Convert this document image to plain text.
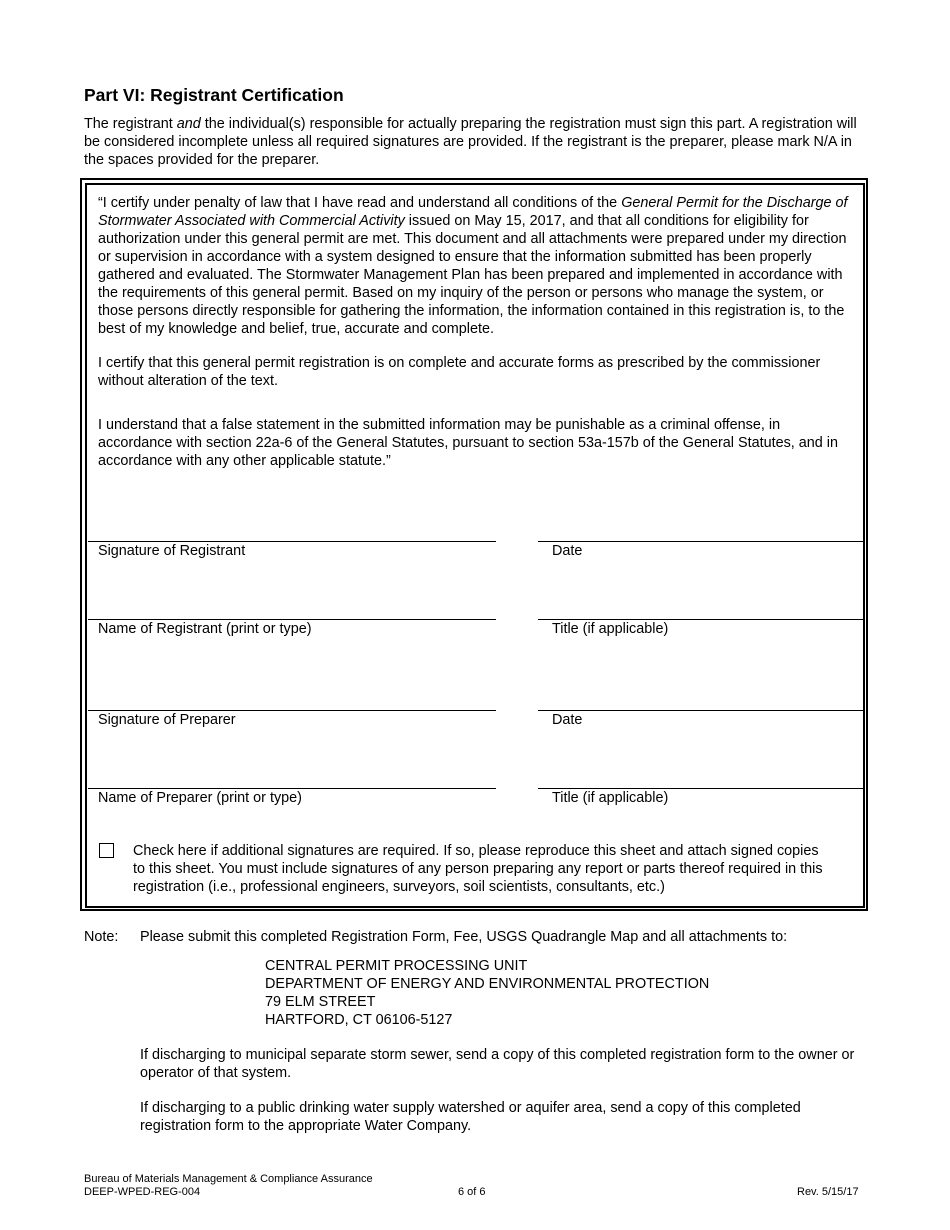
Part VI: Registrant Certification
The registrant and the individual(s) responsible for actually preparing the registration must sign this part. A registration will be considered incomplete unless all required signatures are provided. If the registrant is the preparer, please mark N/A in the spaces provided for the preparer.
“I certify under penalty of law that I have read and understand all conditions of the General Permit for the Discharge of Stormwater Associated with Commercial Activity issued on May 15, 2017, and that all conditions for eligibility for authorization under this general permit are met. This document and all attachments were prepared under my direction or supervision in accordance with a system designed to ensure that the information submitted has been properly gathered and evaluated. The Stormwater Management Plan has been prepared and implemented in accordance with the requirements of this general permit. Based on my inquiry of the person or persons who manage the system, or those persons directly responsible for gathering the information, the information contained in this registration is, to the best of my knowledge and belief, true, accurate and complete.
I certify that this general permit registration is on complete and accurate forms as prescribed by the commissioner without alteration of the text.
I understand that a false statement in the submitted information may be punishable as a criminal offense, in accordance with section 22a-6 of the General Statutes, pursuant to section 53a-157b of the General Statutes, and in accordance with any other applicable statute.”
Signature of Registrant	Date
Name of Registrant (print or type)	Title (if applicable)
Signature of Preparer	Date
Name of Preparer (print or type)	Title (if applicable)
Check here if additional signatures are required. If so, please reproduce this sheet and attach signed copies to this sheet. You must include signatures of any person preparing any report or parts thereof required in this registration (i.e., professional engineers, surveyors, soil scientists, consultants, etc.)
Note: Please submit this completed Registration Form, Fee, USGS Quadrangle Map and all attachments to:
CENTRAL PERMIT PROCESSING UNIT
DEPARTMENT OF ENERGY AND ENVIRONMENTAL PROTECTION
79 ELM STREET
HARTFORD, CT 06106-5127
If discharging to municipal separate storm sewer, send a copy of this completed registration form to the owner or operator of that system.
If discharging to a public drinking water supply watershed or aquifer area, send a copy of this completed registration form to the appropriate Water Company.
Bureau of Materials Management & Compliance Assurance
DEEP-WPED-REG-004	6 of 6	Rev. 5/15/17
